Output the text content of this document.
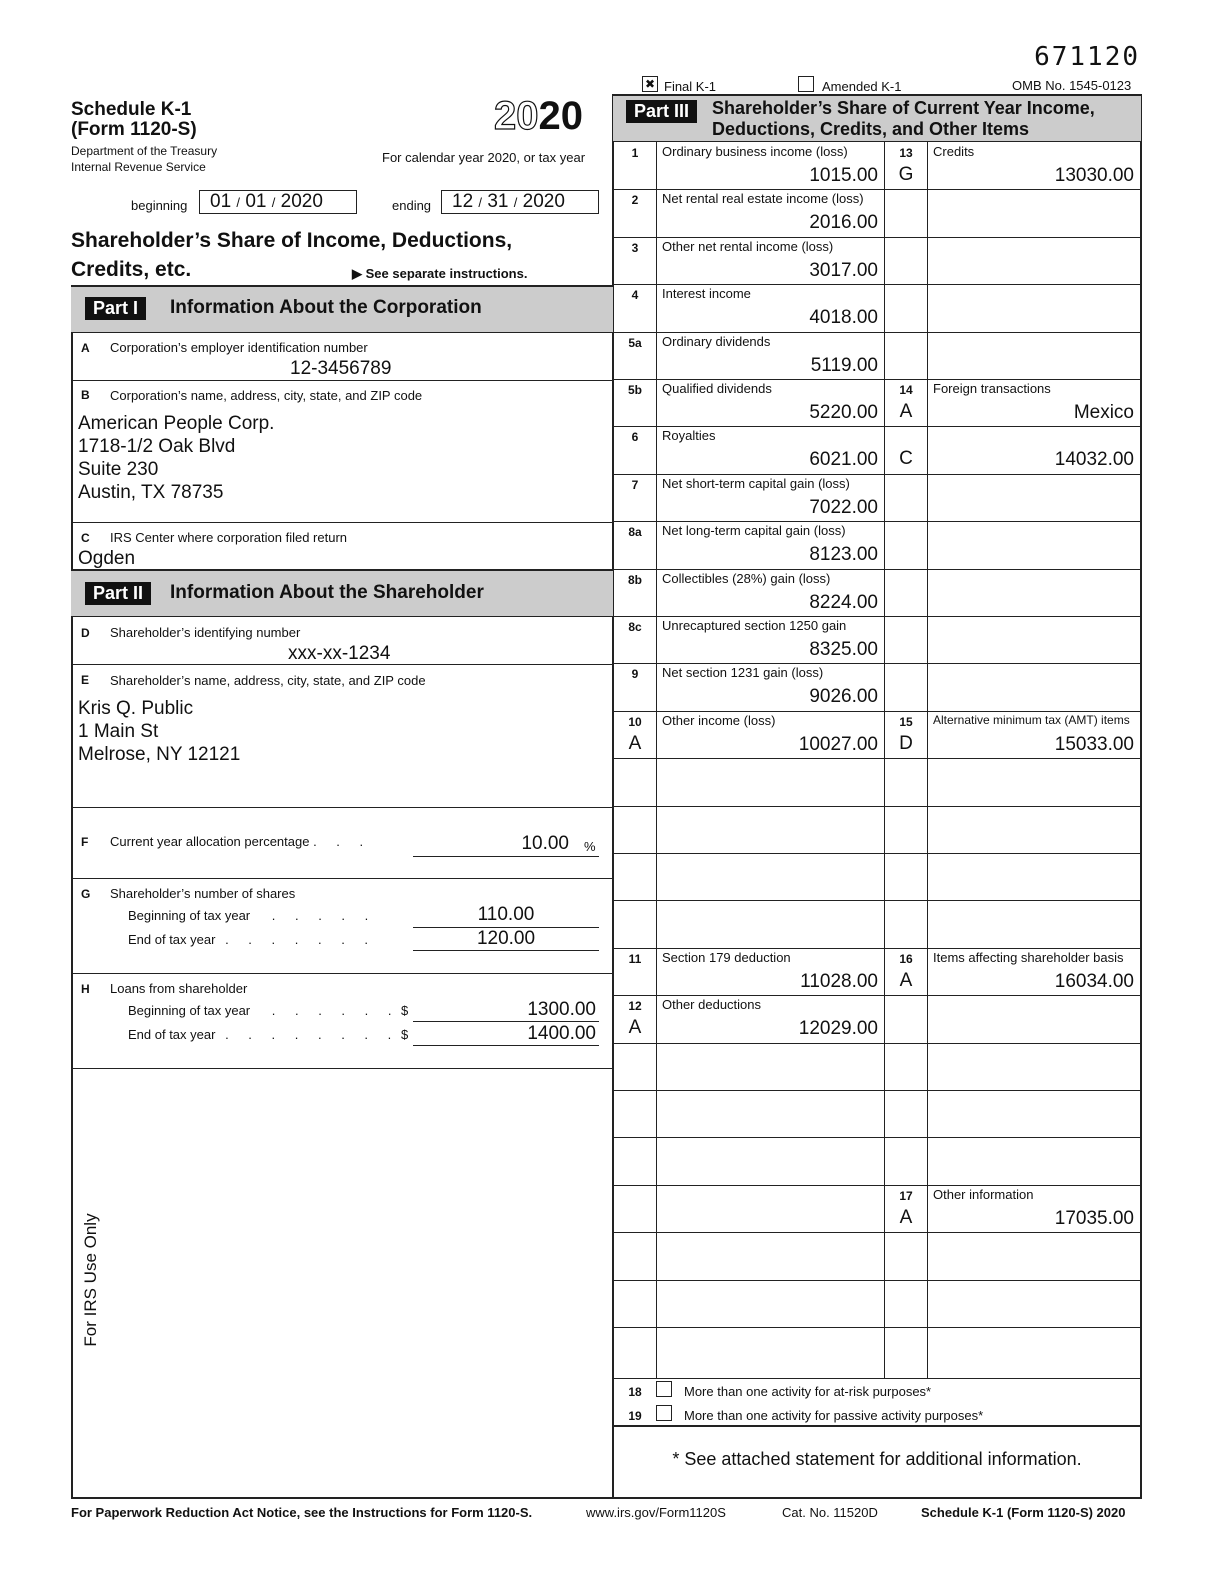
671120
✖ Final K-1	Amended K-1	OMB No. 1545-0123
Schedule K-1
(Form 1120-S)
Department of the Treasury
Internal Revenue Service
2020
For calendar year 2020, or tax year
beginning	01 / 01 / 2020	ending	12 / 31 / 2020
Shareholder’s Share of Income, Deductions,
Credits, etc.	▶ See separate instructions.
Part I	Information About the Corporation
A Corporation’s employer identification number
12-3456789
B Corporation’s name, address, city, state, and ZIP code
American People Corp.
1718-1/2 Oak Blvd
Suite 230
Austin, TX 78735
C IRS Center where corporation filed return
Ogden
Part II	Information About the Shareholder
D Shareholder’s identifying number
xxx-xx-1234
E Shareholder’s name, address, city, state, and ZIP code
Kris Q. Public
1 Main St
Melrose, NY 12121
F Current year allocation percentage . . .	10.00 %
G Shareholder’s number of shares
Beginning of tax year . . . . .	110.00
End of tax year . . . . . . .	120.00
H Loans from shareholder
Beginning of tax year . . . . . . $	1300.00
End of tax year . . . . . . . . $	1400.00
For IRS Use Only
Part III	Shareholder’s Share of Current Year Income,
Deductions, Credits, and Other Items
1	Ordinary business income (loss)
1015.00
2	Net rental real estate income (loss)
2016.00
3	Other net rental income (loss)
3017.00
4	Interest income
4018.00
5a	Ordinary dividends
5119.00
5b	Qualified dividends
5220.00
6	Royalties
6021.00
7	Net short-term capital gain (loss)
7022.00
8a	Net long-term capital gain (loss)
8123.00
8b	Collectibles (28%) gain (loss)
8224.00
8c	Unrecaptured section 1250 gain
8325.00
9	Net section 1231 gain (loss)
9026.00
10	Other income (loss)
A	10027.00
11	Section 179 deduction
11028.00
12	Other deductions
A	12029.00
13	Credits
G	13030.00
14	Foreign transactions
A	Mexico
C	14032.00
15	Alternative minimum tax (AMT) items
D	15033.00
16	Items affecting shareholder basis
A	16034.00
17	Other information
A	17035.00
18	More than one activity for at-risk purposes*
19	More than one activity for passive activity purposes*
* See attached statement for additional information.
For Paperwork Reduction Act Notice, see the Instructions for Form 1120-S.	www.irs.gov/Form1120S	Cat. No. 11520D	Schedule K-1 (Form 1120-S) 2020
